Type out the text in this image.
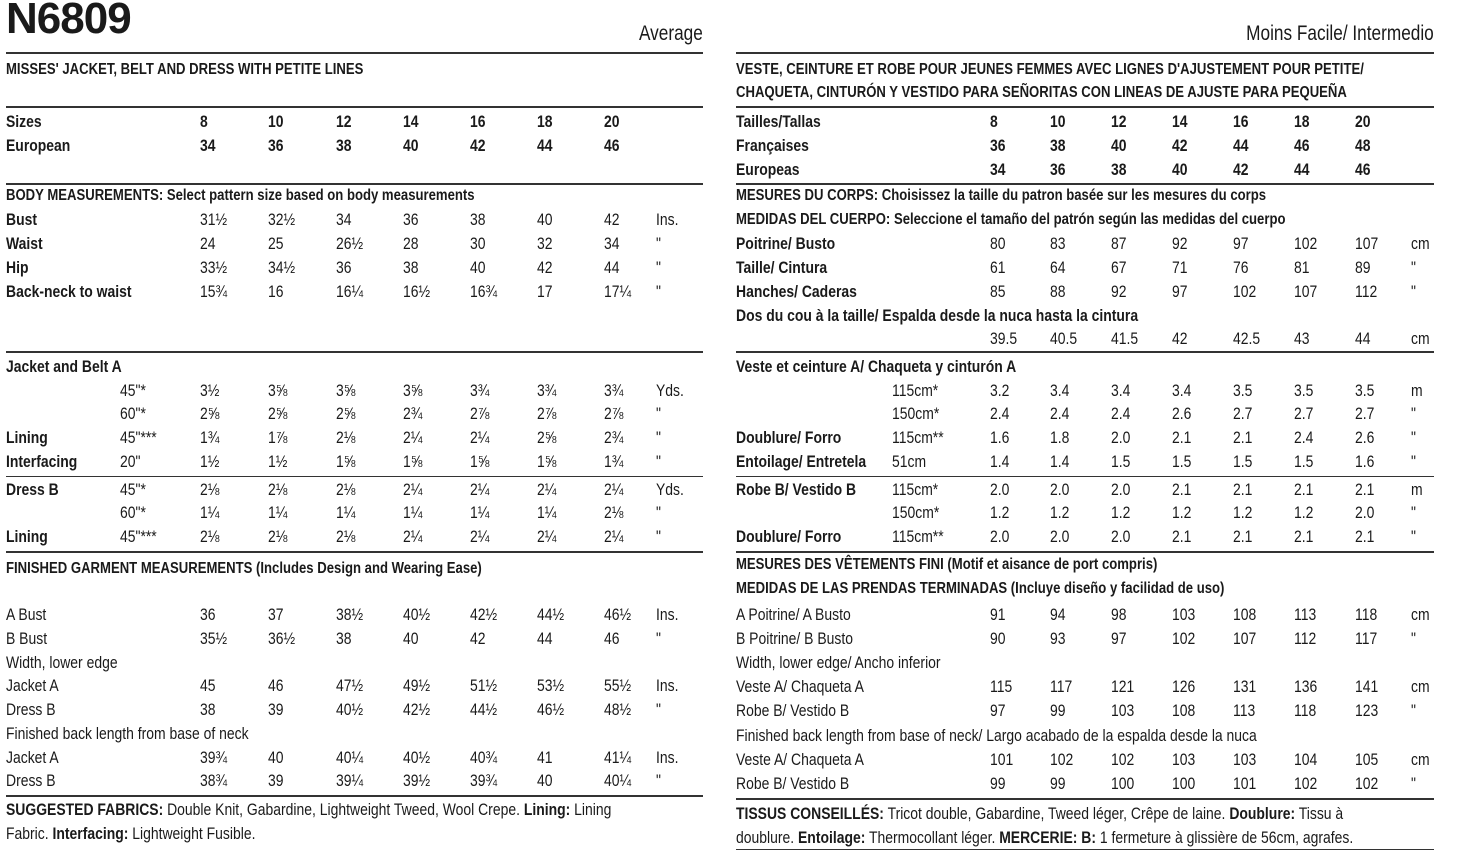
N6809	Average
MISSES' JACKET, BELT AND DRESS WITH PETITE LINES
Sizes	8	10	12	14	16	18	20
European	34	36	38	40	42	44	46
BODY MEASUREMENTS: Select pattern size based on body measurements
Bust	31½ 32½ 34	36	38	40	42 Ins.
Waist	24	25	26½ 28	30	32	34 "
Hip	33½ 34½ 36	38	40	42	44 "
Back-neck to waist	15¾ 16	16¼ 16½ 16¾ 17	17¼ "
Jacket and Belt A
45"*	3½	3⅝	3⅝	3⅝	3¾	3¾	3¾ Yds.
60"*	2⅝	2⅝	2⅝	2¾	2⅞	2⅞	2⅞ "
Lining	45"***	1¾	1⅞	2⅛	2¼	2¼	2⅝	2¾ "
Interfacing	20"	1½	1½	1⅝	1⅝	1⅝	1⅝	1¾ "
Dress B	45"*	2⅛	2⅛	2⅛	2¼	2¼	2¼	2¼ Yds.
60"*	1¼	1¼	1¼	1¼	1¼	1¼	2⅛ "
Lining	45"***	2⅛	2⅛	2⅛	2¼	2¼	2¼	2¼ "
FINISHED GARMENT MEASUREMENTS (Includes Design and Wearing Ease)
A Bust	36	37	38½ 40½ 42½ 44½ 46½ Ins.
B Bust	35½ 36½ 38	40	42	44	46 "
Width, lower edge
Jacket A	45	46	47½ 49½ 51½ 53½ 55½ Ins.
Dress B	38	39	40½ 42½ 44½ 46½ 48½ "
Finished back length from base of neck
Jacket A	39¾ 40	40¼ 40½ 40¾ 41	41¼ Ins.
Dress B	38¾ 39	39¼ 39½ 39¾ 40	40¼ "
SUGGESTED FABRICS: Double Knit, Gabardine, Lightweight Tweed, Wool Crepe. Lining: Lining
Fabric. Interfacing: Lightweight Fusible.
Moins Facile/ Intermedio
VESTE, CEINTURE ET ROBE POUR JEUNES FEMMES AVEC LIGNES D'AJUSTEMENT POUR PETITE/
CHAQUETA, CINTURÓN Y VESTIDO PARA SEÑORITAS CON LINEAS DE AJUSTE PARA PEQUEÑA
Tailles/Tallas	8	10	12	14	16	18	20
Françaises	36	38	40	42	44	46	48
Europeas	34	36	38	40	42	44	46
MESURES DU CORPS: Choisissez la taille du patron basée sur les mesures du corps
MEDIDAS DEL CUERPO: Seleccione el tamaño del patrón según las medidas del cuerpo
Poitrine/ Busto	80	83	87	92	97	102 107 cm
Taille/ Cintura	61	64	67	71	76	81	89 "
Hanches/ Caderas	85	88	92	97	102 107 112 "
Dos du cou à la taille/ Espalda desde la nuca hasta la cintura
39.5 40.5 41.5 42	42.5 43	44 cm
Veste et ceinture A/ Chaqueta y cinturón A
115cm*	3.2 3.4 3.4 3.4 3.5 3.5 3.5 m
150cm*	2.4 2.4 2.4 2.6 2.7 2.7 2.7 "
Doublure/ Forro	115cm**	1.6 1.8 2.0 2.1 2.1 2.4 2.6 "
Entoilage/ Entretela 51cm	1.4 1.4 1.5 1.5 1.5 1.5 1.6 "
Robe B/ Vestido B 115cm*	2.0 2.0 2.0 2.1 2.1 2.1 2.1 m
150cm*	1.2 1.2 1.2 1.2 1.2 1.2 2.0 "
Doublure/ Forro	115cm**	2.0 2.0 2.0 2.1 2.1 2.1 2.1 "
MESURES DES VÊTEMENTS FINI (Motif et aisance de port compris)
MEDIDAS DE LAS PRENDAS TERMINADAS (Incluye diseño y facilidad de uso)
A Poitrine/ A Busto	91	94	98	103 108 113 118 cm
B Poitrine/ B Busto	90	93	97	102 107 112 117 "
Width, lower edge/ Ancho inferior
Veste A/ Chaqueta A	115 117 121 126 131 136 141 cm
Robe B/ Vestido B	97	99	103 108 113 118 123 "
Finished back length from base of neck/ Largo acabado de la espalda desde la nuca
Veste A/ Chaqueta A	101 102 102 103 103 104 105 cm
Robe B/ Vestido B	99	99	100 100 101 102 102 "
TISSUS CONSEILLÉS: Tricot double, Gabardine, Tweed léger, Crêpe de laine. Doublure: Tissu à
doublure. Entoilage: Thermocollant léger. MERCERIE: B: 1 fermeture à glissière de 56cm, agrafes.
